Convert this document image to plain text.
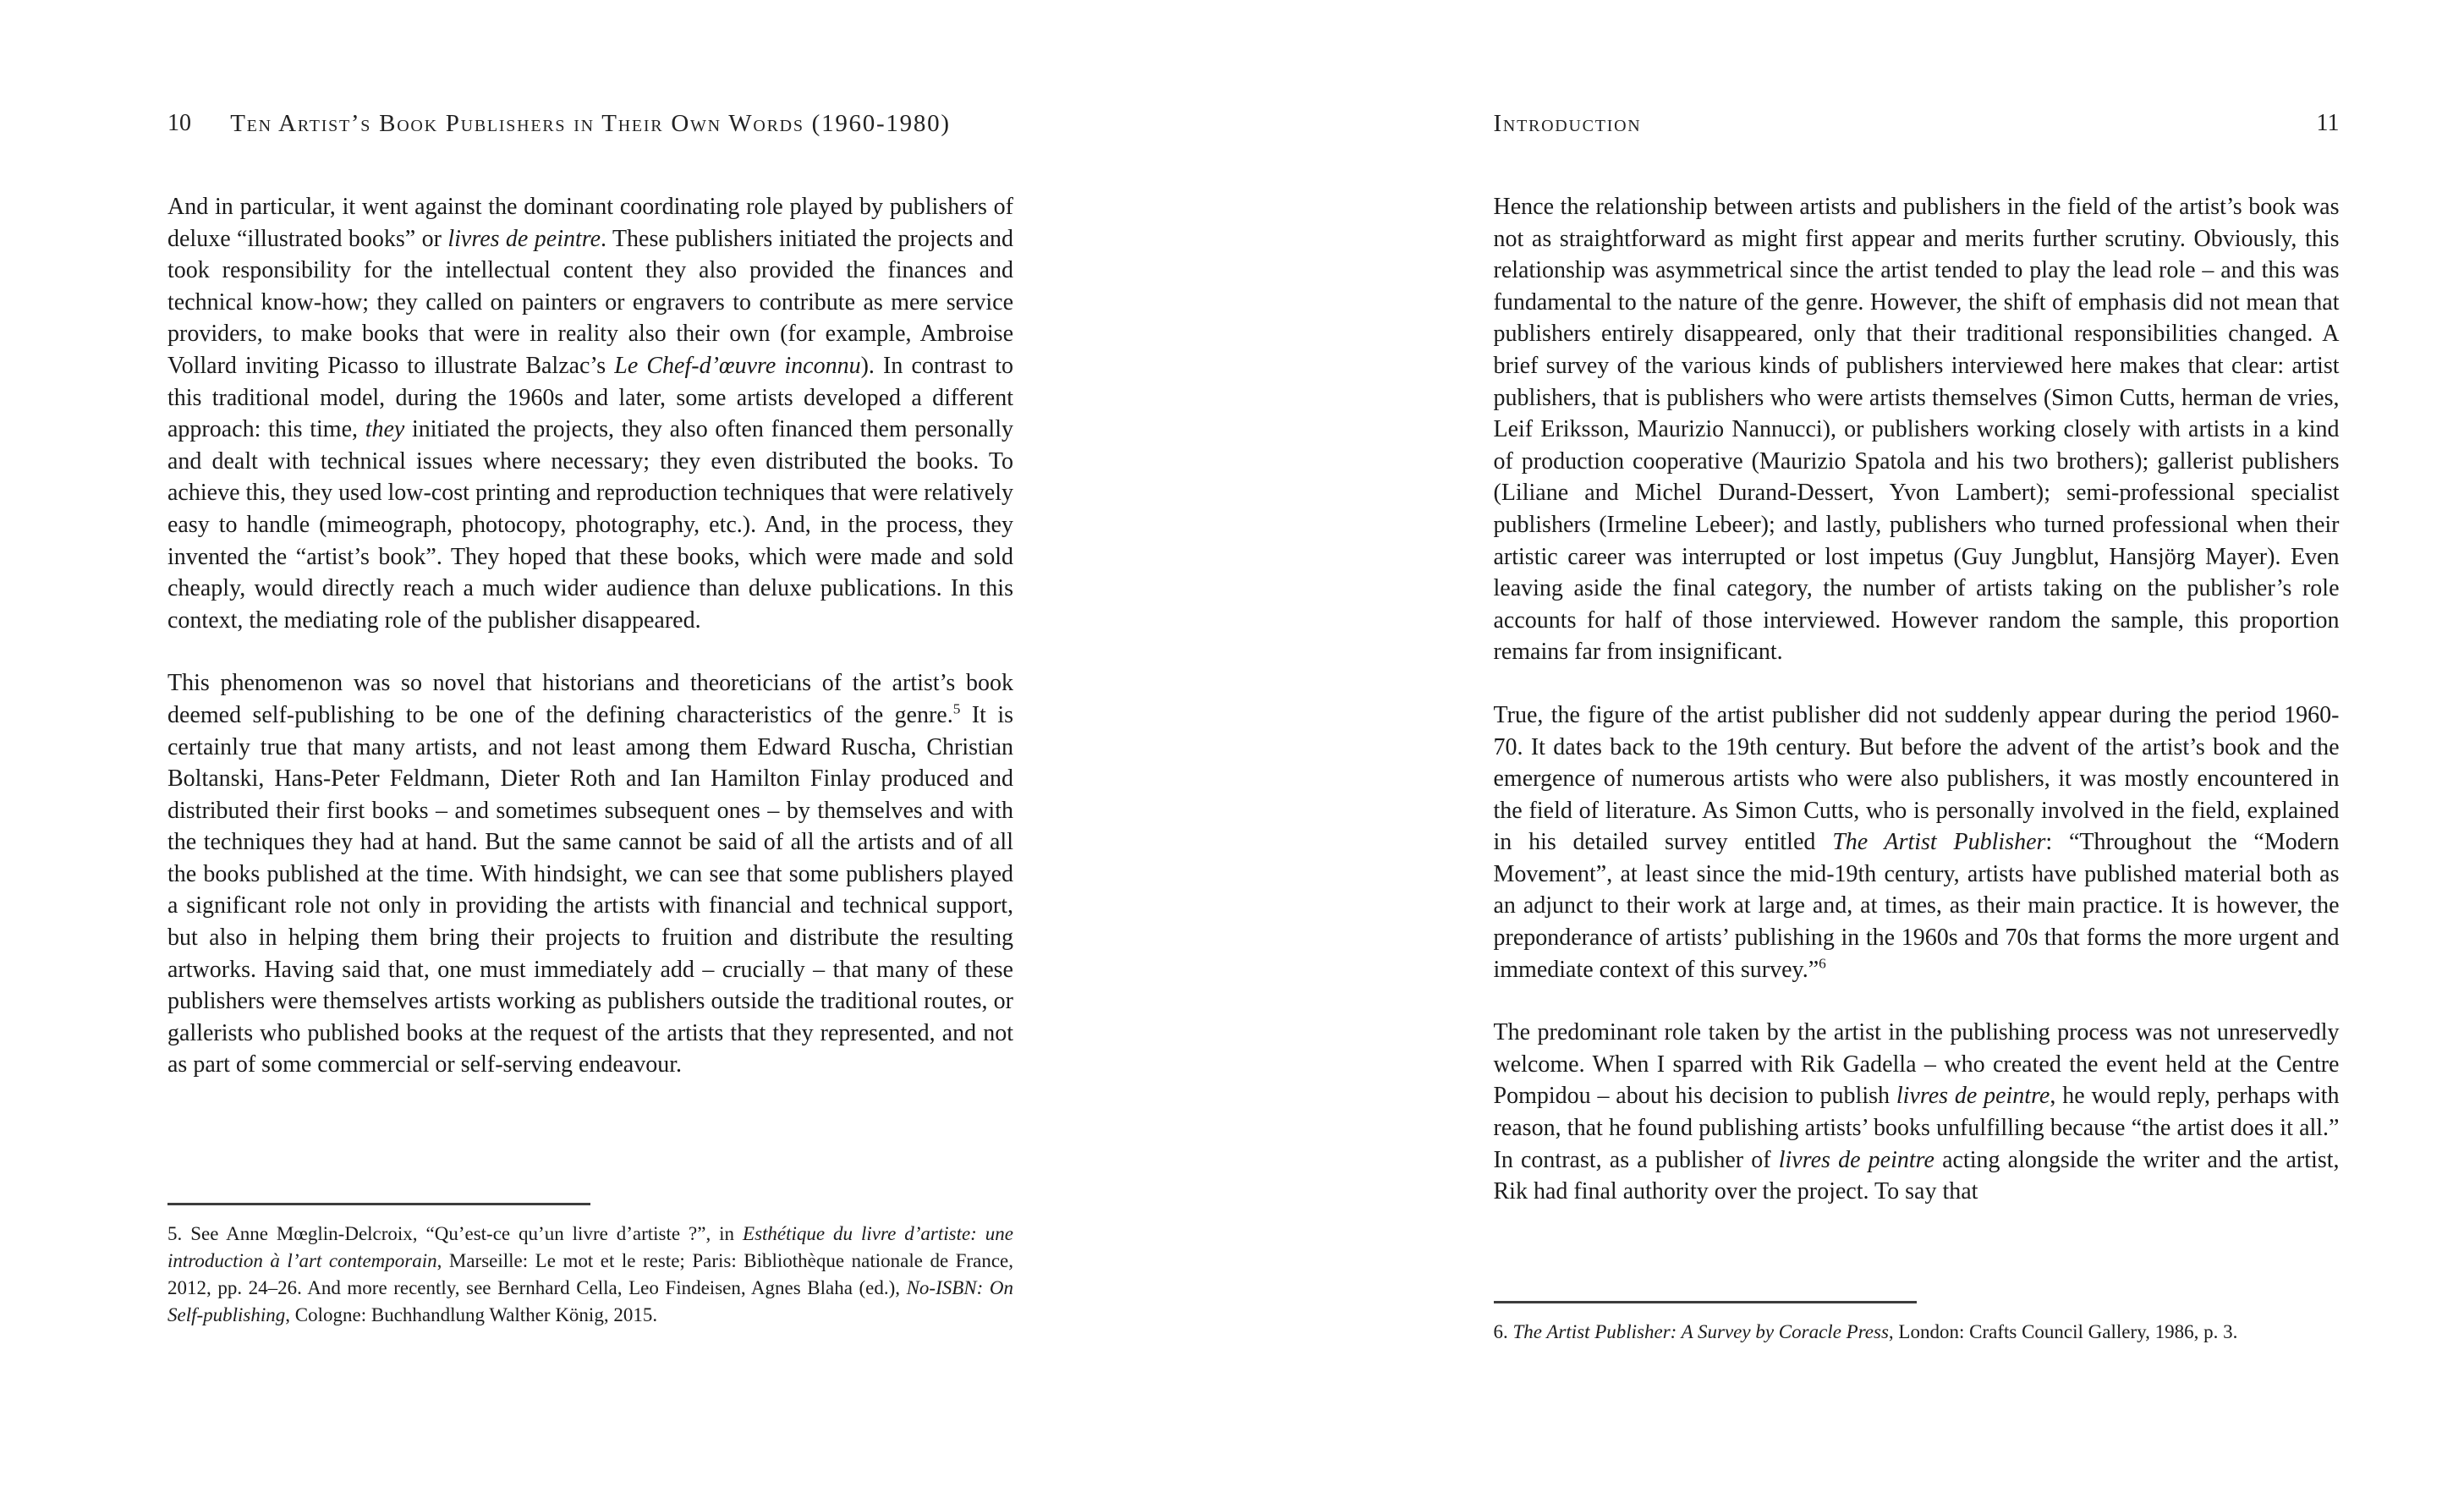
10	Ten Artist’s Book Publishers in Their Own Words (1960-1980)

And in particular, it went against the dominant coordinating role played by publishers of deluxe “illustrated books” or livres de peintre. These publishers initiated the projects and took responsibility for the intellectual content they also provided the finances and technical know-how; they called on painters or engravers to contribute as mere service providers, to make books that were in reality also their own (for example, Ambroise Vollard inviting Picasso to illustrate Balzac’s Le Chef-d’œuvre inconnu). In contrast to this traditional model, during the 1960s and later, some artists developed a different approach: this time, they initiated the projects, they also often financed them personally and dealt with technical issues where necessary; they even distributed the books. To achieve this, they used low-cost printing and reproduction techniques that were relatively easy to handle (mimeograph, photocopy, photography, etc.). And, in the process, they invented the “artist’s book”. They hoped that these books, which were made and sold cheaply, would directly reach a much wider audience than deluxe publications. In this context, the mediating role of the publisher disappeared.

This phenomenon was so novel that historians and theoreticians of the artist’s book deemed self-publishing to be one of the defining characteristics of the genre.$^5$ It is certainly true that many artists, and not least among them Edward Ruscha, Christian Boltanski, Hans-Peter Feldmann, Dieter Roth and Ian Hamilton Finlay produced and distributed their first books – and sometimes subsequent ones – by themselves and with the techniques they had at hand. But the same cannot be said of all the artists and of all the books published at the time. With hindsight, we can see that some publishers played a significant role not only in providing the artists with financial and technical support, but also in helping them bring their projects to fruition and distribute the resulting artworks. Having said that, one must immediately add – crucially – that many of these publishers were themselves artists working as publishers outside the traditional routes, or gallerists who published books at the request of the artists that they represented, and not as part of some commercial or self-serving endeavour.

5. See Anne Mœglin-Delcroix, “Qu’est-ce qu’un livre d’artiste ?”, in Esthétique du livre d’artiste: une introduction à l’art contemporain, Marseille: Le mot et le reste; Paris: Bibliothèque nationale de France, 2012, pp. 24–26. And more recently, see Bernhard Cella, Leo Findeisen, Agnes Blaha (ed.), No-ISBN: On Self-publishing, Cologne: Buchhandlung Walther König, 2015.

Introduction	11

Hence the relationship between artists and publishers in the field of the artist’s book was not as straightforward as might first appear and merits further scrutiny. Obviously, this relationship was asymmetrical since the artist tended to play the lead role – and this was fundamental to the nature of the genre. However, the shift of emphasis did not mean that publishers entirely disappeared, only that their traditional responsibilities changed. A brief survey of the various kinds of publishers interviewed here makes that clear: artist publishers, that is publishers who were artists themselves (Simon Cutts, herman de vries, Leif Eriksson, Maurizio Nannucci), or publishers working closely with artists in a kind of production cooperative (Maurizio Spatola and his two brothers); gallerist publishers (Liliane and Michel Durand-Dessert, Yvon Lambert); semi-professional specialist publishers (Irmeline Lebeer); and lastly, publishers who turned professional when their artistic career was interrupted or lost impetus (Guy Jungblut, Hansjörg Mayer). Even leaving aside the final category, the number of artists taking on the publisher’s role accounts for half of those interviewed. However random the sample, this proportion remains far from insignificant.

True, the figure of the artist publisher did not suddenly appear during the period 1960-70. It dates back to the 19th century. But before the advent of the artist’s book and the emergence of numerous artists who were also publishers, it was mostly encountered in the field of literature. As Simon Cutts, who is personally involved in the field, explained in his detailed survey entitled The Artist Publisher: “Throughout the “Modern Movement”, at least since the mid-19th century, artists have published material both as an adjunct to their work at large and, at times, as their main practice. It is however, the preponderance of artists’ publishing in the 1960s and 70s that forms the more urgent and immediate context of this survey.”$^6$

The predominant role taken by the artist in the publishing process was not unreservedly welcome. When I sparred with Rik Gadella – who created the event held at the Centre Pompidou – about his decision to publish livres de peintre, he would reply, perhaps with reason, that he found publishing artists’ books unfulfilling because “the artist does it all.” In contrast, as a publisher of livres de peintre acting alongside the writer and the artist, Rik had final authority over the project. To say that

6. The Artist Publisher: A Survey by Coracle Press, London: Crafts Council Gallery, 1986, p. 3.
